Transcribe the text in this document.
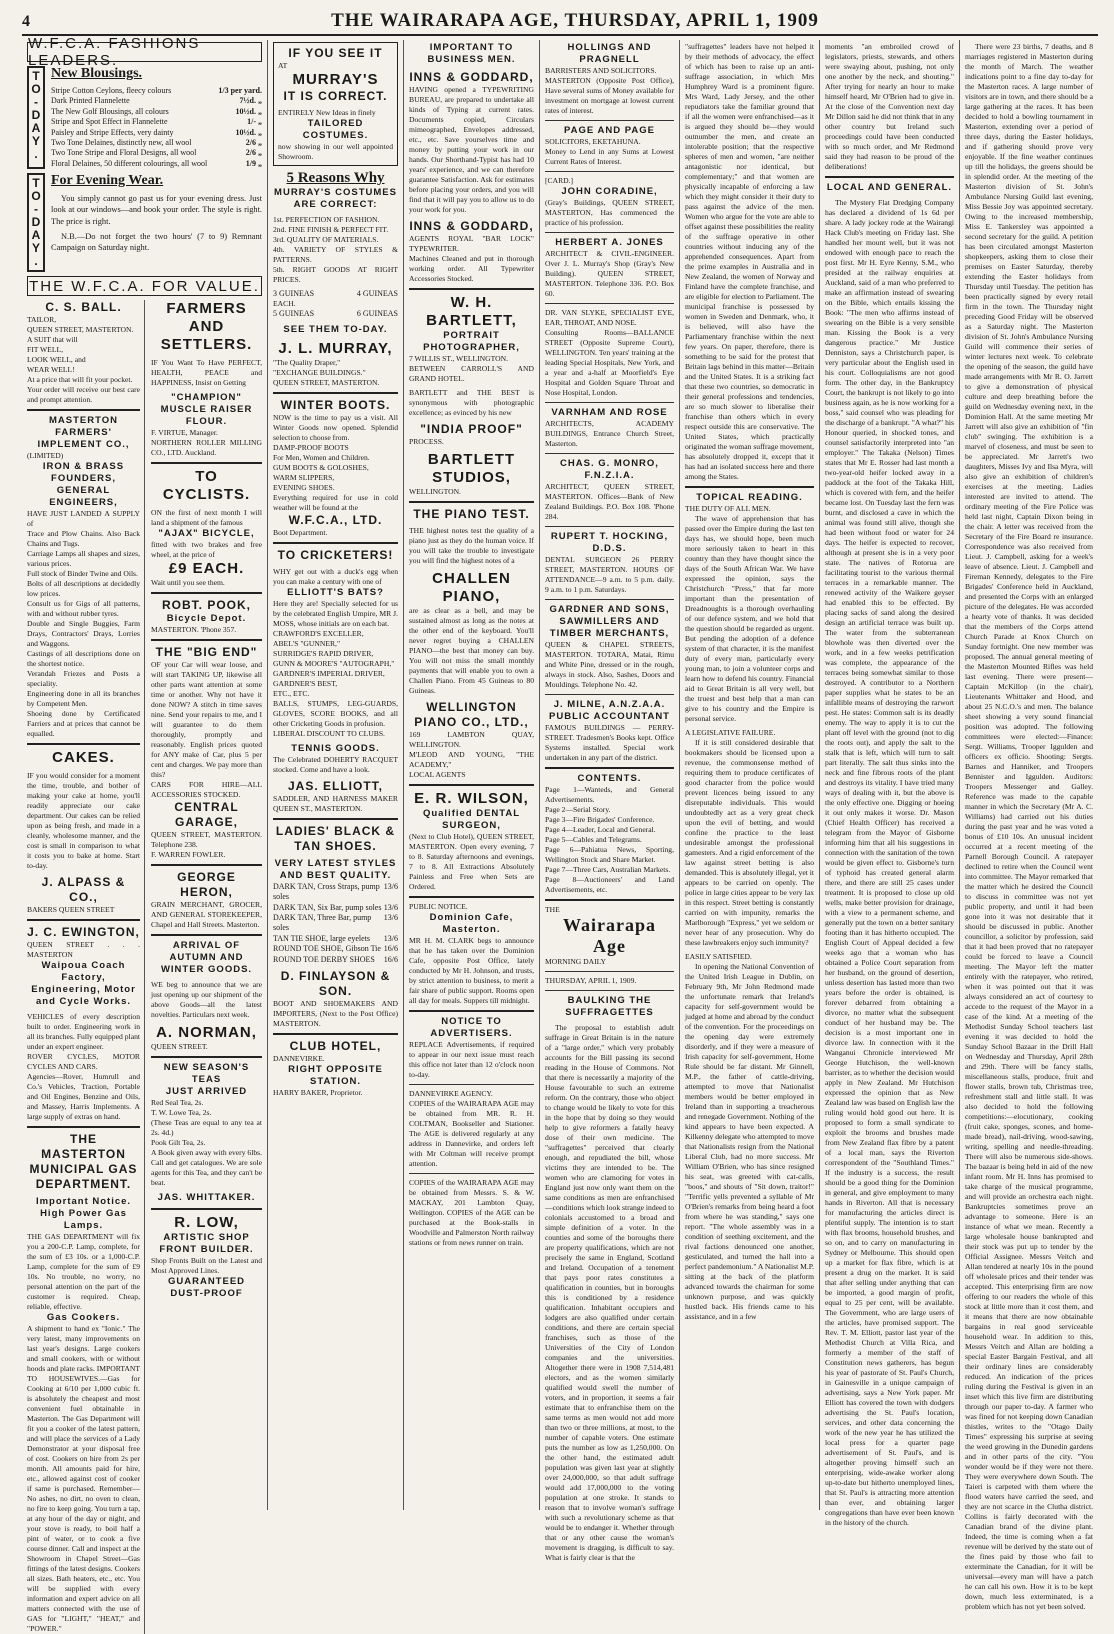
4	THE WAIRARAPA AGE, THURSDAY, APRIL 1, 1909
W.F.C.A. FASHIONS LEADERS.
T
O
-
D
A
Y
.
New Blousings.
Stripe Cotton Ceylons, fleecy colours	1/3 per yard.
Dark Printed Flannelette	7½d. „
The New Golf Blousings, all colours	10½d. „
Stripe and Spot Effect in Flannelette	1/- „
Paisley and Stripe Effects, very dainty	10½d. „
Two Tone Delaines, distinctly new, all wool	2/6 „
Two Tone Stripe and Floral Designs, all wool	2/6 „
Floral Delaines, 50 different colourings, all wool	1/9 „
T
O
-
D
A
Y
.
For Evening Wear.

You simply cannot go past us for your evening dress. Just look at our windows—and book your order. The style is right. The price is right.

N.B.—Do not forget the two hours' (7 to 9) Remnant Campaign on Saturday night.

THE W.F.C.A. FOR VALUE.
C. S. BALL.

TAILOR,

QUEEN STREET, MASTERTON.

A SUIT that will

FIT WELL,

LOOK WELL, and

WEAR WELL!

At a price that will fit your pocket.

Your order will receive our best care and prompt attention.

MASTERTON FARMERS' IMPLEMENT CO.,

(LIMITED)

IRON & BRASS FOUNDERS,
GENERAL ENGINEERS,

HAVE JUST LANDED A SUPPLY of

Trace and Plow Chains. Also Back Chains and Tugs.

Carriage Lamps all shapes and sizes, various prices.

Full stock of Binder Twine and Oils.

Bolts of all descriptions at decidedly low prices.

Consult us for Gigs of all patterns, with and without rubber tyres.

Double and Single Buggies, Farm Drays, Contractors' Drays, Lorries and Waggons.

Castings of all descriptions done on the shortest notice.

Verandah Friezes and Posts a speciality.

Engineering done in all its branches by Competent Men.

Shoeing done by Certificated Farriers and at prices that cannot be equalled.

CAKES.

IF you would consider for a moment the time, trouble, and bother of making your cake at home, you'll readily appreciate our cake department. Our cakes can be relied upon as being fresh, and made in a cleanly, wholesome manner, and the cost is small in comparison to what it costs you to bake at home. Start to-day.

J. ALPASS & CO.,

BAKERS QUEEN STREET

J. C. EWINGTON,

QUEEN STREET . . . MASTERTON

Waipoua Coach Factory, Engineering, Motor and Cycle Works.

VEHICLES of every description built to order. Engineering work in all its branches. Fully equipped plant under an expert engineer.

ROVER CYCLES, MOTOR CYCLES AND CARS.

Agencies—Rover, Humrull and Co.'s Vehicles, Traction, Portable and Oil Engines, Benzine and Oils, and Massey, Harris Implements. A large supply of extras on hand.

THE MASTERTON MUNICIPAL GAS DEPARTMENT.
Important Notice.
High Power Gas Lamps.

THE GAS DEPARTMENT will fix you a 200-C.P. Lamp, complete, for the sum of £3 10s. or a 1,000-C.P. Lamp, complete for the sum of £9 10s. No trouble, no worry, no personal attention on the part of the customer is required. Cheap, reliable, effective.

Gas Cookers.

A shipment to hand ex "Ionic." The very latest, many improvements on last year's designs. Large cookers and small cookers, with or without hoods and plate racks. IMPORTANT TO HOUSEWIVES.—Gas for Cooking at 6/10 per 1,000 cubic ft. is absolutely the cheapest and most convenient fuel obtainable in Masterton. The Gas Department will fit you a cooker of the latest pattern, and will place the services of a Lady Demonstrator at your disposal free of cost. Cookers on hire from 2s per month. All amounts paid for hire, etc., allowed against cost of cooker if same is purchased. Remember—No ashes, no dirt, no oven to clean, no fire to keep going. You turn a tap, at any hour of the day or night, and your stove is ready, to boil half a pint of water, or to cook a five course dinner. Call and inspect at the Showroom in Chapel Street—Gas fittings of the latest designs. Cookers all sizes. Bath heaters, etc., etc. You will be supplied with every information and expert advice on all matters connected with the use of GAS for "LIGHT," "HEAT," and "POWER."

FARMERS AND SETTLERS.

IF You Want To Have PERFECT, HEALTH, PEACE and HAPPINESS, Insist on Getting

"CHAMPION" MUSCLE RAISER FLOUR.

F. VIRTUE, Manager.

NORTHERN ROLLER MILLING CO., LTD. Auckland.

TO CYCLISTS.

ON the first of next month I will land a shipment of the famous

"AJAX" BICYCLE,

fitted with two brakes and free wheel, at the price of

£9 EACH.

Wait until you see them.

ROBT. POOK,
Bicycle Depot.

MASTERTON. 'Phone 357.

THE "BIG END"

OF your Car will wear loose, and will start TAKING UP, likewise all other parts want attention at some time or another. Why not have it done NOW? A stitch in time saves nine. Send your repairs to me, and I will guarantee to do them thoroughly, promptly and reasonably. English prices quoted for ANY make of Car, plus 5 per cent and charges. We pay more than this?

CARS FOR HIRE—ALL ACCESSORIES STOCKED.

CENTRAL GARAGE,

QUEEN STREET, MASTERTON. Telephone 238.

F. WARREN FOWLER.

GEORGE HERON,

GRAIN MERCHANT, GROCER, AND GENERAL STOREKEEPER, Chapel and Hall Streets. Masterton.

ARRIVAL OF AUTUMN AND WINTER GOODS.

WE beg to announce that we are just opening up our shipment of the above Goods—all the latest novelties. Particulars next week.

A. NORMAN,

QUEEN STREET.

NEW SEASON'S TEAS
JUST ARRIVED

Red Seal Tea, 2s.

T. W. Lowe Tea, 2s.

(These Teas are equal to any tea at 2s. 4d.)

Pook Gilt Tea, 2s.

A Book given away with every 6lbs. Call and get catalogues. We are sole agents for this Tea, and they can't be beat.

JAS. WHITTAKER.
R. LOW,
ARTISTIC SHOP FRONT BUILDER.

Shop Fronts Built on the Latest and Most Approved Lines.

GUARANTEED DUST-PROOF
IF YOU SEE IT

AT

MURRAY'S
IT IS CORRECT.

ENTIRELY New Ideas in finely

TAILORED COSTUMES.

now showing in our well appointed Showroom.

5 Reasons Why
MURRAY'S COSTUMES ARE CORRECT:

1st. PERFECTION OF FASHION.

2nd. FINE FINISH & PERFECT FIT.

3rd. QUALITY OF MATERIALS.

4th. VARIETY OF STYLES & PATTERNS.

5th. RIGHT GOODS AT RIGHT PRICES.

3 GUINEAS	4 GUINEAS

EACH.

5 GUINEAS	6 GUINEAS
SEE THEM TO-DAY.
J. L. MURRAY,

"The Quality Draper,"

"EXCHANGE BUILDINGS."

QUEEN STREET, MASTERTON.

WINTER BOOTS.

NOW is the time to pay us a visit. All Winter Goods now opened. Splendid selection to choose from.

DAMP-PROOF BOOTS

For Men, Women and Children.

GUM BOOTS & GOLOSHES,

WARM SLIPPERS,

EVENING SHOES.

Everything required for use in cold weather will be found at the

W.F.C.A., LTD.

Boot Department.

TO CRICKETERS!

WHY get out with a duck's egg when you can make a century with one of

ELLIOTT'S BATS?

Here they are! Specially selected for us by the celebrated English Umpire, MR J. MOSS, whose initials are on each bat.

CRAWFORD'S EXCELLER,

ABEL'S "GUNNER,"

SURRIDGE'S RAPID DRIVER,

GUNN & MOORE'S "AUTOGRAPH,"

GARDNER'S IMPERIAL DRIVER,

GARDNER'S BEST,

ETC., ETC.

BALLS, STUMPS, LEG-GUARDS, GLOVES, SCORE BOOKS, and all other Cricketing Goods in profusion.

LIBERAL DISCOUNT TO CLUBS.

TENNIS GOODS.

The Celebrated DOHERTY RACQUET stocked. Come and have a look.

JAS. ELLIOTT,

SADDLER, AND HARNESS MAKER QUEEN ST., MASTERTON.

LADIES' BLACK & TAN SHOES.
VERY LATEST STYLES AND BEST QUALITY.
DARK TAN, Cross Straps, pump soles
13/6
DARK TAN, Six Bar, pump soles 13/6
DARK TAN, Three Bar, pump soles
13/6
TAN TIE SHOE, large eyelets 13/6
ROUND TOE SHOE, Gibson Tie 16/6
ROUND TOE DERBY SHOES 16/6
D. FINLAYSON & SON.

BOOT AND SHOEMAKERS AND IMPORTERS, (Next to the Post Office) MASTERTON.

CLUB HOTEL,

DANNEVIRKE.

RIGHT OPPOSITE STATION.

HARRY BAKER, Proprietor.

IMPORTANT TO BUSINESS MEN.
INNS & GODDARD,

HAVING opened a TYPEWRITING BUREAU, are prepared to undertake all kinds of Typing at current rates. Documents copied, Circulars mimeographed, Envelopes addressed, etc., etc. Save yourselves time and money by putting your work in our hands. Our Shorthand-Typist has had 10 years' experience, and we can therefore guarantee Satisfaction. Ask for estimates before placing your orders, and you will find that it will pay you to allow us to do your work for you.

INNS & GODDARD,

AGENTS ROYAL "BAR LOCK" TYPEWRITER.

Machines Cleaned and put in thorough working order. All Typewriter Accessories Stocked.

W. H. BARTLETT,
PORTRAIT PHOTOGRAPHER,

7 WILLIS ST., WELLINGTON.

BETWEEN CARROLL'S AND GRAND HOTEL.

BARTLETT and THE BEST is synonymous with photographic excellence; as evinced by his new

"INDIA PROOF"

PROCESS.

BARTLETT STUDIOS,

WELLINGTON.

THE PIANO TEST.

THE highest notes test the quality of a piano just as they do the human voice. If you will take the trouble to investigate you will find the highest notes of a

CHALLEN PIANO,

are as clear as a bell, and may be sustained almost as long as the notes at the other end of the keyboard. You'll never regret buying a CHALLEN PIANO—the best that money can buy. You will not miss the small monthly payments that will enable you to own a Challen Piano. From 45 Guineas to 80 Guineas.

WELLINGTON PIANO CO., LTD.,

169 LAMBTON QUAY, WELLINGTON.

M'LEOD AND YOUNG, "THE ACADEMY,"

LOCAL AGENTS

E. R. WILSON,
Qualified DENTAL SURGEON,

(Next to Club Hotel), QUEEN STREET, MASTERTON. Open every evening, 7 to 8. Saturday afternoons and evenings, 7 to 8. All Extractions Absolutely Painless and Free when Sets are Ordered.

PUBLIC NOTICE.

Dominion Cafe, Masterton.

MR H. M. CLARK begs to announce that he has taken over the Dominion Cafe, opposite Post Office, lately conducted by Mr H. Johnson, and trusts, by strict attention to business, to merit a fair share of public support. Rooms open all day for meals. Suppers till midnight.

NOTICE TO ADVERTISERS.

REPLACE Advertisements, if required to appear in our next issue must reach this office not later than 12 o'clock noon to-day.

DANNEVIRKE AGENCY.

COPIES of the WAIRARAPA AGE may be obtained from MR. R. H. COLTMAN, Bookseller and Stationer. The AGE is delivered regularly at any address in Dannevirke, and orders left with Mr Coltman will receive prompt attention.

COPIES of the WAIRARAPA AGE may be obtained from Messrs. S. & W. MACKAY, 201 Lambton Quay, Wellington. COPIES of the AGE can be purchased at the Book-stalls in Woodville and Palmerston North railway stations or from news runner on train.

HOLLINGS AND PRAGNELL

BARRISTERS AND SOLICITORS.

MASTERTON (Opposite Post Office), Have several sums of Money available for investment on mortgage at lowest current rates of interest.

PAGE AND PAGE

SOLICITORS, EKETAHUNA.

Money to Lend in any Sums at Lowest Current Rates of Interest.

[CARD.]

JOHN CORADINE,

(Gray's Buildings, QUEEN STREET, MASTERTON, Has commenced the practice of his profession.

HERBERT A. JONES

ARCHITECT & CIVIL-ENGINEER. Over J. L. Murray's Shop (Gray's New Building). QUEEN STREET, MASTERTON. Telephone 336. P.O. Box 60.

DR. VAN SLYKE, SPECIALIST EYE, EAR, THROAT, AND NOSE.

Consulting Rooms—BALLANCE STREET (Opposite Supreme Court), WELLINGTON. Ten years' training at the leading Special Hospitals, New York, and a year and a-half at Moorfield's Eye Hospital and Golden Square Throat and Nose Hospital, London.

VARNHAM AND ROSE

ARCHITECTS, ACADEMY BUILDINGS, Entrance Church Street, Masterton.

CHAS. G. MONRO, F.N.Z.I.A.

ARCHITECT, QUEEN STREET, MASTERTON. Offices—Bank of New Zealand Buildings. P.O. Box 108. 'Phone 284.

RUPERT T. HOCKING, D.D.S.

DENTAL SURGEON 26 PERRY STREET, MASTERTON. HOURS OF ATTENDANCE—9 a.m. to 5 p.m. daily. 9 a.m. to 1 p.m. Saturdays.

GARDNER AND SONS, SAWMILLERS AND TIMBER MERCHANTS,

QUEEN & CHAPEL STREETS, MASTERTON. TOTARA, Matai, Rimu and White Pine, dressed or in the rough, always in stock. Also, Sashes, Doors and Mouldings. Telephone No. 42.

J. MILNE, A.N.Z.A.A.
PUBLIC ACCOUNTANT

FAMOUS BUILDINGS — PERRY-STREET. Tradesmen's Books kept. Office Systems installed. Special work undertaken in any part of the district.

CONTENTS.

Page 1—Wanteds, and General Advertisements.

Page 2—Serial Story.

Page 3—Fire Brigades' Conference.

Page 4—Leader, Local and General.

Page 5—Cables and Telegrams.

Page 6—Pahiatua News, Sporting, Wellington Stock and Share Market.

Page 7—Three Cars, Australian Markets.

Page 8—Auctioneers' and Land Advertisements, etc.

THE

Wairarapa Age

MORNING DAILY

THURSDAY, APRIL 1, 1909.

BAULKING THE SUFFRAGETTES

The proposal to establish adult suffrage in Great Britain is in the nature of a "large order," which very probably accounts for the Bill passing its second reading in the House of Commons. Not that there is necessarily a majority of the House favourable to such an extreme reform. On the contrary, those who object to change would be likely to vote for this in the hope that by doing so they would help to give reformers a fatally heavy dose of their own medicine. The "suffragettes" perceived that clearly enough, and repudiated the bill, whose victims they are intended to be. The women who are clamoring for votes in England just now only want them on the same conditions as men are enfranchised—conditions which look strange indeed to colonials accustomed to a broad and simple definition of a voter. In the counties and some of the boroughs there are property qualifications, which are not precisely the same in England, Scotland and Ireland. Occupation of a tenement that pays poor rates constitutes a qualification in counties, but in boroughs this is conditioned by a residence qualification. Inhabitant occupiers and lodgers are also qualified under certain conditions, and there are certain special franchises, such as those of the Universities of the City of London companies and the universities. Altogether there were in 1908 7,514,481 electors, and as the women similarly qualified would swell the number of voters, and in proportion, it seems a fair estimate that to enfranchise them on the same terms as men would not add more than two or three millions, at most, to the number of capable voters. One estimate puts the number as low as 1,250,000. On the other hand, the estimated adult population was given last year at slightly over 24,000,000, so that adult suffrage would add 17,000,000 to the voting population at one stroke. It stands to reason that to involve woman's suffrage with such a revolutionary scheme as that would be to endanger it. Whether through that or any other cause the woman's movement is dragging, is difficult to say. What is fairly clear is that the

"suffragettes" leaders have not helped it by their methods of advocacy, the effect of which has been to raise up an anti-suffrage association, in which Mrs Humphrey Ward is a prominent figure. Mrs Ward, Lady Jersey, and the other repudiators take the familiar ground that if all the women were enfranchised—as it is argued they should be—they would outnumber the men, and create an intolerable position; that the respective spheres of men and women, "are neither antagonistic nor identical, but complementary;" and that women are physically incapable of enforcing a law which they might consider it their duty to pass against the advice of the men. Women who argue for the vote are able to offset against these possibilities the reality of the suffrage operative in other countries without inducing any of the apprehended consequences. Apart from the prime examples in Australia and in New Zealand, the women of Norway and Finland have the complete franchise, and are eligible for election to Parliament. The municipal franchise is possessed by women in Sweden and Denmark, who, it is believed, will also have the Parliamentary franchise within the next few years. On paper, therefore, there is something to be said for the protest that Britain lags behind in this matter—Britain and the United States. It is a striking fact that these two countries, so democratic in their general professions and tendencies, are so much slower to liberalise their franchise than others which in every respect outside this are conservative. The United States, which practically originated the woman suffrage movement, has absolutely dropped it, except that it has had an isolated success here and there among the States.

TOPICAL READING.

THE DUTY OF ALL MEN.

The wave of apprehension that has passed over the Empire during the last ten days has, we should hope, been much more seriously taken to heart in this country than they have thought since the days of the South African War. We have expressed the opinion, says the Christchurch "Press," that far more important than the presentation of Dreadnoughts is a thorough overhauling of our defence system, and we hold that the question should be regarded as urgent. But pending the adoption of a defence system of that character, it is the manifest duty of every man, particularly every young man, to join a volunteer corps and learn how to defend his country. Financial aid to Great Britain is all very well, but the truest and best help that a man can give to his country and the Empire is personal service.

A LEGISLATIVE FAILURE.

If it is still considered desirable that bookmakers should be licensed upon a revenue, the commonsense method of requiring them to produce certificates of good character from the police would prevent licences being issued to any disreputable individuals. This would undoubtedly act as a very great check upon the evil of betting, and would confine the practice to the least undesirable amongst the professional gamesters. And a rigid enforcement of the law against street betting is also demanded. This is absolutely illegal, yet it appears to be carried on openly. The police in large cities appear to be very lax in this respect. Street betting is constantly carried on with impunity, remarks the Marlborough "Express," yet we seldom or never hear of any prosecution. Why do these lawbreakers enjoy such immunity?

EASILY SATISFIED.

In opening the National Convention of the United Irish League in Dublin, on February 9th, Mr John Redmond made the unfortunate remark that Ireland's capacity for self-government would be judged at home and abroad by the conduct of the convention. For the proceedings on the opening day were extremely disorderly, and if they were a measure of Irish capacity for self-government, Home Rule should be far distant. Mr Ginnell, M.P., the father of cattle-driving, attempted to move that Nationalist members would be better employed in Ireland than in supporting a treacherous and renegade Government. Nothing of the kind appears to have been expected. A Kilkenny delegate who attempted to move that Nationalists resign from the National Liberal Club, had no more success. Mr William O'Brien, who has since resigned his seat, was greeted with cat-calls, "boos," and shouts of "Sit down, traitor!" "Terrific yells prevented a syllable of Mr O'Brien's remarks from being heard a foot from where he was standing," says one report. "The whole assembly was in a condition of seething excitement, and the rival factions denounced one another, gesticulated, and turned the hall into a perfect pandemonium." A Nationalist M.P. sitting at the back of the platform advanced towards the chairman for some unknown purpose, and was quickly hustled back. His friends came to his assistance, and in a few

moments "an embroiled crowd of legislators, priests, stewards, and others were swaying about, pushing, not only one another by the neck, and shouting." After trying for nearly an hour to make himself heard, Mr O'Brien had to give in. At the close of the Convention next day Mr Dillon said he did not think that in any other country but Ireland such proceedings could have been conducted with so much order, and Mr Redmond said they had reason to be proud of the deliberations!

LOCAL AND GENERAL.

The Mystery Flat Dredging Company has declared a dividend of 1s 6d per share. A lady jockey rode at the Wairangi Hack Club's meeting on Friday last. She handled her mount well, but it was not endowed with enough pace to reach the post first. Mr H. Eyre Kenny, S.M., who presided at the railway enquiries at Auckland, said of a man who preferred to make an affirmation instead of swearing on the Bible, which entails kissing the Book: "The men who affirms instead of swearing on the Bible is a very sensible man. Kissing the Book is a very dangerous practice." Mr Justice Denniston, says a Christchurch paper, is very particular about the English used in his court. Colloquialisms are not good form. The other day, in the Bankruptcy Court, the bankrupt is not likely to go into business again, as he is now working for a boss," said counsel who was pleading for the discharge of a bankrupt. "A what?" his Honour queried, in shocked tones, and counsel satisfactorily interpreted into "an employer." The Takaka (Nelson) Times states that Mr E. Rosser had last month a two-year-old heifer locked away in a paddock at the foot of the Takaka Hill, which is covered with fern, and the heifer became lost. On Tuesday last the fern was burnt, and disclosed a cave in which the animal was found still alive, though she had been without food or water for 24 days. The heifer is expected to recover, although at present she is in a very poor state. The natives of Rotorua are facilitating tourist to the various thermal terraces in a remarkable manner. The renewed activity of the Waikere geyser had enabled this to be effected. By placing sacks of sand along the desired design an artificial terrace was built up. The water from the subterranean blowhole was then diverted over the work, and in a few weeks petrification was complete, the appearance of the terraces being somewhat similar to those destroyed. A contributor to a Northern paper supplies what he states to be an infallible means of destroying the rarwort pest. He states: Common salt is its deadly enemy. The way to apply it is to cut the plant off level with the ground (not to dig the roots out), and apply the salt to the stalk that is left, which will turn to salt part literally. The salt thus sinks into the neck and fine fibrous roots of the plant and destroys its vitality. I have tried many ways of dealing with it, but the above is the only effective one. Digging or hoeing it out only makes it worse. Dr. Mason (Chief Health Officer) has received a telegram from the Mayor of Gisborne informing him that all his suggestions in connection with the sanitation of the town would be given effect to. Gisborne's turn of typhoid has created general alarm there, and there are still 25 cases under treatment. It is proposed to close up old wells, make better provision for drainage, with a view to a permanent scheme, and generally put the town on a better sanitary footing than it has hitherto occupied. The English Court of Appeal decided a few weeks ago that a woman who has obtained a Police Court separation from her husband, on the ground of desertion, unless desertion has lasted more than two years before the order is obtained, is forever debarred from obtaining a divorce, no matter what the subsequent conduct of her husband may be. The decision is a most important one in divorce law. In connection with it the Wanganui Chronicle interviewed Mr George Hutchison, the well-known barrister, as to whether the decision would apply in New Zealand. Mr Hutchison expressed the opinion that as New Zealand law was based on English law the ruling would hold good out here. It is proposed to form a small syndicate to exploit the brooms and brushes made from New Zealand flax fibre by a patent of a local man, says the Riverton correspondent of the "Southland Times." If the industry is a success, the result should be a good thing for the Dominion in general, and give employment to many hands in Riverton. All that is necessary for manufacturing the articles direct is plentiful supply. The intention is to start with flax brooms, household brushes, and so on, and to carry on manufacturing in Sydney or Melbourne. This should open up a market for flax fibre, which is at present a drug on the market. It is said that after selling under anything that can be imported, a good margin of profit, equal to 25 per cent, will be available. The Government, who are large users of the articles, have promised support. The Rev. T. M. Elliott, pastor last year of the Methodist Church at Villa Rica, and formerly a member of the staff of Constitution news gatherers, has begun his year of pastorate of St. Paul's Church, in Gainesville in a unique campaign of advertising, says a New York paper. Mr Elliott has covered the town with dodgers advertising the St. Paul's location, services, and other data concerning the work of the new year he has utilized the local press for a quarter page advertisement of St. Paul's, and is altogether proving himself such an enterprising, wide-awake worker along up-to-date but hitherto unemployed lines, that St. Paul's is attracting more attention than ever, and obtaining larger congregations than have ever been known in the history of the church.

There were 23 births, 7 deaths, and 8 marriages registered in Masterton during the month of March. The weather indications point to a fine day to-day for the Masterton races. A large number of visitors are in town, and there should be a large gathering at the races. It has been decided to hold a bowling tournament in Masterton, extending over a period of three days, during the Easter holidays, and if gathering should prove very enjoyable. If the fine weather continues up till the holidays, the greens should be in splendid order. At the meeting of the Masterton division of St. John's Ambulance Nursing Guild last evening, Miss Bessie Joy was appointed secretary. Owing to the increased membership, Miss E. Tankersley was appointed a second secretary for the guild. A petition has been circulated amongst Masterton shopkeepers, asking them to close their premises on Easter Saturday, thereby extending the Easter holidays from Thursday until Tuesday. The petition has been practically signed by every retail firm in the town. The Thursday night preceding Good Friday will be observed as a Saturday night. The Masterton division of St. John's Ambulance Nursing Guild will commence their series of winter lectures next week. To celebrate the opening of the season, the guild have made arrangements with Mr R. O. Jarrett to give a demonstration of physical culture and deep breathing before the guild on Wednesday evening next, in the Dominion Hall. At the same meeting Mr Jarrett will also give an exhibition of "fin club" swinging. The exhibition is a marvel of closeness, and must be seen to be appreciated. Mr Jarrett's two daughters, Misses Ivy and Ilsa Myra, will also give an exhibition of children's exercises at the meeting. Ladies interested are invited to attend. The ordinary meeting of the Fire Police was held last night, Captain Dixon being in the chair. A letter was received from the Secretary of the Fire Board re insurance. Correspondence was also received from Lieut. J. Campbell, asking for a week's leave of absence. Lieut. J. Campbell and Fireman Kennedy, delegates to the Fire Brigades' Conference held in Auckland, and presented the Corps with an enlarged picture of the delegates. He was accorded a hearty vote of thanks. It was decided that the members of the Corps attend Church Parade at Knox Church on Sunday fortnight. One new member was proposed. The annual general meeting of the Masterton Mounted Rifles was held last evening. There were present—Captain McKillop (in the chair), Lieutenants Whittaker and Hood, and about 25 N.C.O.'s and men. The balance sheet showing a very sound financial position was adopted. The following committees were elected:—Finance: Sergt. Williams, Trooper Iggulden and officers ex officio. Shooting: Sergts. Barnes and Hanniker, and Troopers Bennister and Iggulden. Auditors: Troopers Messenger and Galley. Reference was made to the capable manner in which the Secretary (Mr A. C. Williams) had carried out his duties during the past year and he was voted a bonus of £10 10s. An unusual incident occurred at a recent meeting of the Parnell Borough Council. A ratepayer declined to retire when the Council went into committee. The Mayor remarked that the matter which he desired the Council to discuss in committee was not yet public property, and until it had been gone into it was not desirable that it should be discussed in public. Another councillor, a solicitor by profession, said that it had been proved that no ratepayer could be forced to leave a Council meeting. The Mayor left the matter entirely with the ratepayer, who retired, when it was pointed out that it was always considered an act of courtesy to accede to the request of the Mayor in a case of the kind. At a meeting of the Methodist Sunday School teachers last evening it was decided to hold the Sunday School Bazaar in the Drill Hall on Wednesday and Thursday, April 28th and 29th. There will be fancy stalls, miscellaneous stalls, produce, fruit and flower stalls, brown tub, Christmas tree, refreshment stall and little stall. It was also decided to hold the following competitions:—elocutionary, cooking (fruit cake, sponges, scones, and home-made bread), nail-driving, wood-sawing, writing, spelling and needle-threading. There will also be numerous side-shows. The bazaar is being held in aid of the new infant room. Mr H. Inns has promised to take charge of the musical programme, and will provide an orchestra each night. Bankruptcies sometimes prove an advantage to someone. Here is an instance of what we mean. Recently a large wholesale house bankrupted and their stock was put up to tender by the Official Assignee. Messrs Veitch and Allan tendered at nearly 10s in the pound off wholesale prices and their tender was accepted. This enterprising firm are now offering to our readers the whole of this stock at little more than it cost them, and it means that there are now obtainable bargains in real good serviceable household wear. In addition to this, Messrs Veitch and Allan are holding a special Easter Bargain Festival, and all their ordinary lines are considerably reduced. An indication of the prices ruling during the Festival is given in an inset which this live firm are distributing through our paper to-day. A farmer who was fined for not keeping down Canadian thistles, writes to the "Otago Daily Times" expressing his surprise at seeing the weed growing in the Dunedin gardens and in other parts of the city. "You wonder would be if they were not there. They were everywhere down South. The Taieri is carpeted with them where the flood waters have carried the seed, and they are not scarce in the Clutha district. Collins is fairly decorated with the Canadian brand of the divine plant. Indeed, the time is coming when a fat revenue will be derived by the state out of the fines paid by those who fail to exterminate the Canadian, for it will be universal—every man will have a patch he can call his own. How it is to be kept down, much less exterminated, is a problem which has not yet been solved.
